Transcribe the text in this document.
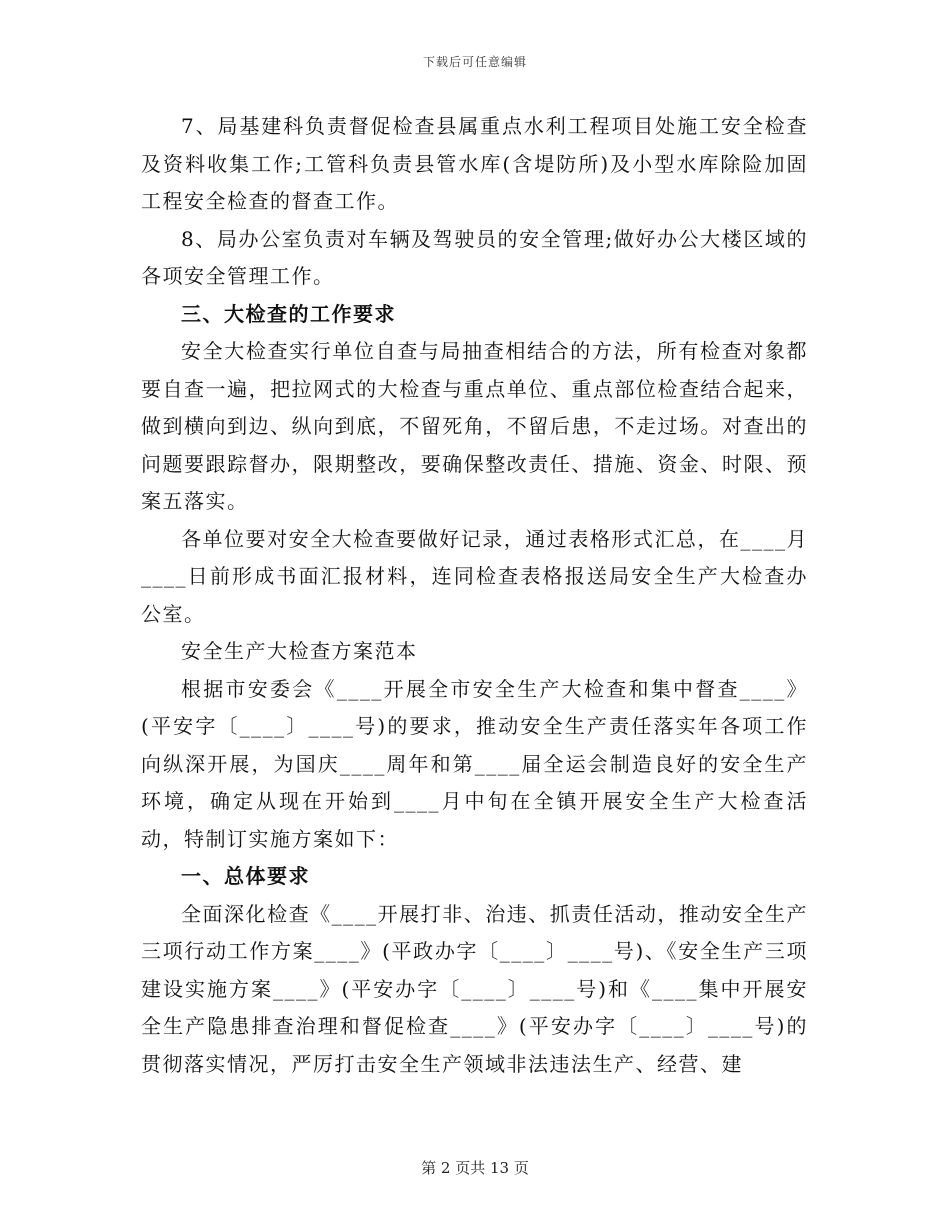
下载后可任意编辑

7、局基建科负责督促检查县属重点水利工程项目处施工安全检查及资料收集工作;工管科负责县管水库(含堤防所)及小型水库除险加固工程安全检查的督查工作。

8、局办公室负责对车辆及驾驶员的安全管理;做好办公大楼区域的各项安全管理工作。

三、大检查的工作要求

安全大检查实行单位自查与局抽查相结合的方法，所有检查对象都要自查一遍，把拉网式的大检查与重点单位、重点部位检查结合起来，做到横向到边、纵向到底，不留死角，不留后患，不走过场。对查出的问题要跟踪督办，限期整改，要确保整改责任、措施、资金、时限、预案五落实。

各单位要对安全大检查要做好记录，通过表格形式汇总，在____月____日前形成书面汇报材料，连同检查表格报送局安全生产大检查办公室。

安全生产大检查方案范本

根据市安委会《____开展全市安全生产大检查和集中督查____》(平安字〔____〕____号)的要求，推动安全生产责任落实年各项工作向纵深开展，为国庆____周年和第____届全运会制造良好的安全生产环境，确定从现在开始到____月中旬在全镇开展安全生产大检查活动，特制订实施方案如下：

一、总体要求

全面深化检查《____开展打非、治违、抓责任活动，推动安全生产三项行动工作方案____》(平政办字〔____〕____号)、《安全生产三项建设实施方案____》(平安办字〔____〕____号)和《____集中开展安全生产隐患排查治理和督促检查____》(平安办字〔____〕____号)的贯彻落实情况，严厉打击安全生产领域非法违法生产、经营、建

第 2 页共 13 页
